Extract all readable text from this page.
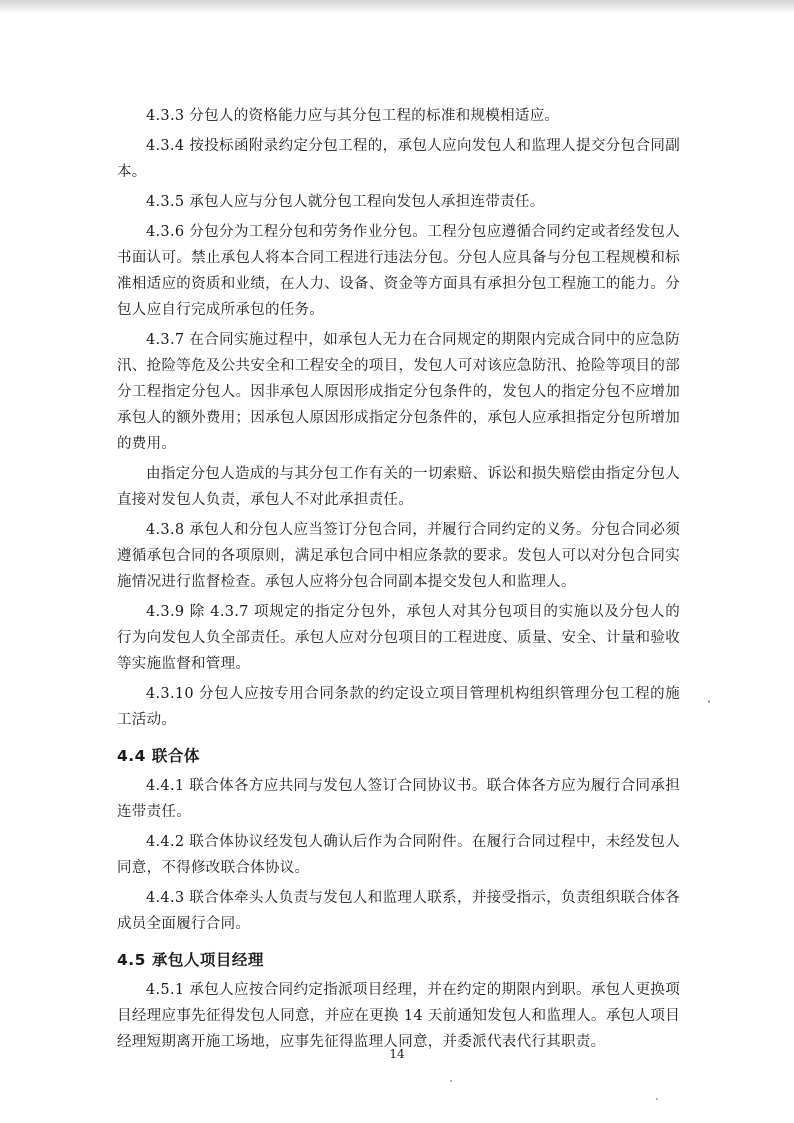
4.3.3 分包人的资格能力应与其分包工程的标准和规模相适应。

4.3.4 按投标函附录约定分包工程的，承包人应向发包人和监理人提交分包合同副本。

4.3.5 承包人应与分包人就分包工程向发包人承担连带责任。

4.3.6 分包分为工程分包和劳务作业分包。工程分包应遵循合同约定或者经发包人书面认可。禁止承包人将本合同工程进行违法分包。分包人应具备与分包工程规模和标准相适应的资质和业绩，在人力、设备、资金等方面具有承担分包工程施工的能力。分包人应自行完成所承包的任务。

4.3.7 在合同实施过程中，如承包人无力在合同规定的期限内完成合同中的应急防汛、抢险等危及公共安全和工程安全的项目，发包人可对该应急防汛、抢险等项目的部分工程指定分包人。因非承包人原因形成指定分包条件的，发包人的指定分包不应增加承包人的额外费用；因承包人原因形成指定分包条件的，承包人应承担指定分包所增加的费用。

由指定分包人造成的与其分包工作有关的一切索赔、诉讼和损失赔偿由指定分包人直接对发包人负责，承包人不对此承担责任。

4.3.8 承包人和分包人应当签订分包合同，并履行合同约定的义务。分包合同必须遵循承包合同的各项原则，满足承包合同中相应条款的要求。发包人可以对分包合同实施情况进行监督检查。承包人应将分包合同副本提交发包人和监理人。

4.3.9 除 4.3.7 项规定的指定分包外，承包人对其分包项目的实施以及分包人的行为向发包人负全部责任。承包人应对分包项目的工程进度、质量、安全、计量和验收等实施监督和管理。

4.3.10 分包人应按专用合同条款的约定设立项目管理机构组织管理分包工程的施工活动。

4.4 联合体

4.4.1 联合体各方应共同与发包人签订合同协议书。联合体各方应为履行合同承担连带责任。

4.4.2 联合体协议经发包人确认后作为合同附件。在履行合同过程中，未经发包人同意，不得修改联合体协议。

4.4.3 联合体牵头人负责与发包人和监理人联系，并接受指示，负责组织联合体各成员全面履行合同。

4.5 承包人项目经理

4.5.1 承包人应按合同约定指派项目经理，并在约定的期限内到职。承包人更换项目经理应事先征得发包人同意，并应在更换 14 天前通知发包人和监理人。承包人项目经理短期离开施工场地，应事先征得监理人同意，并委派代表代行其职责。

14
